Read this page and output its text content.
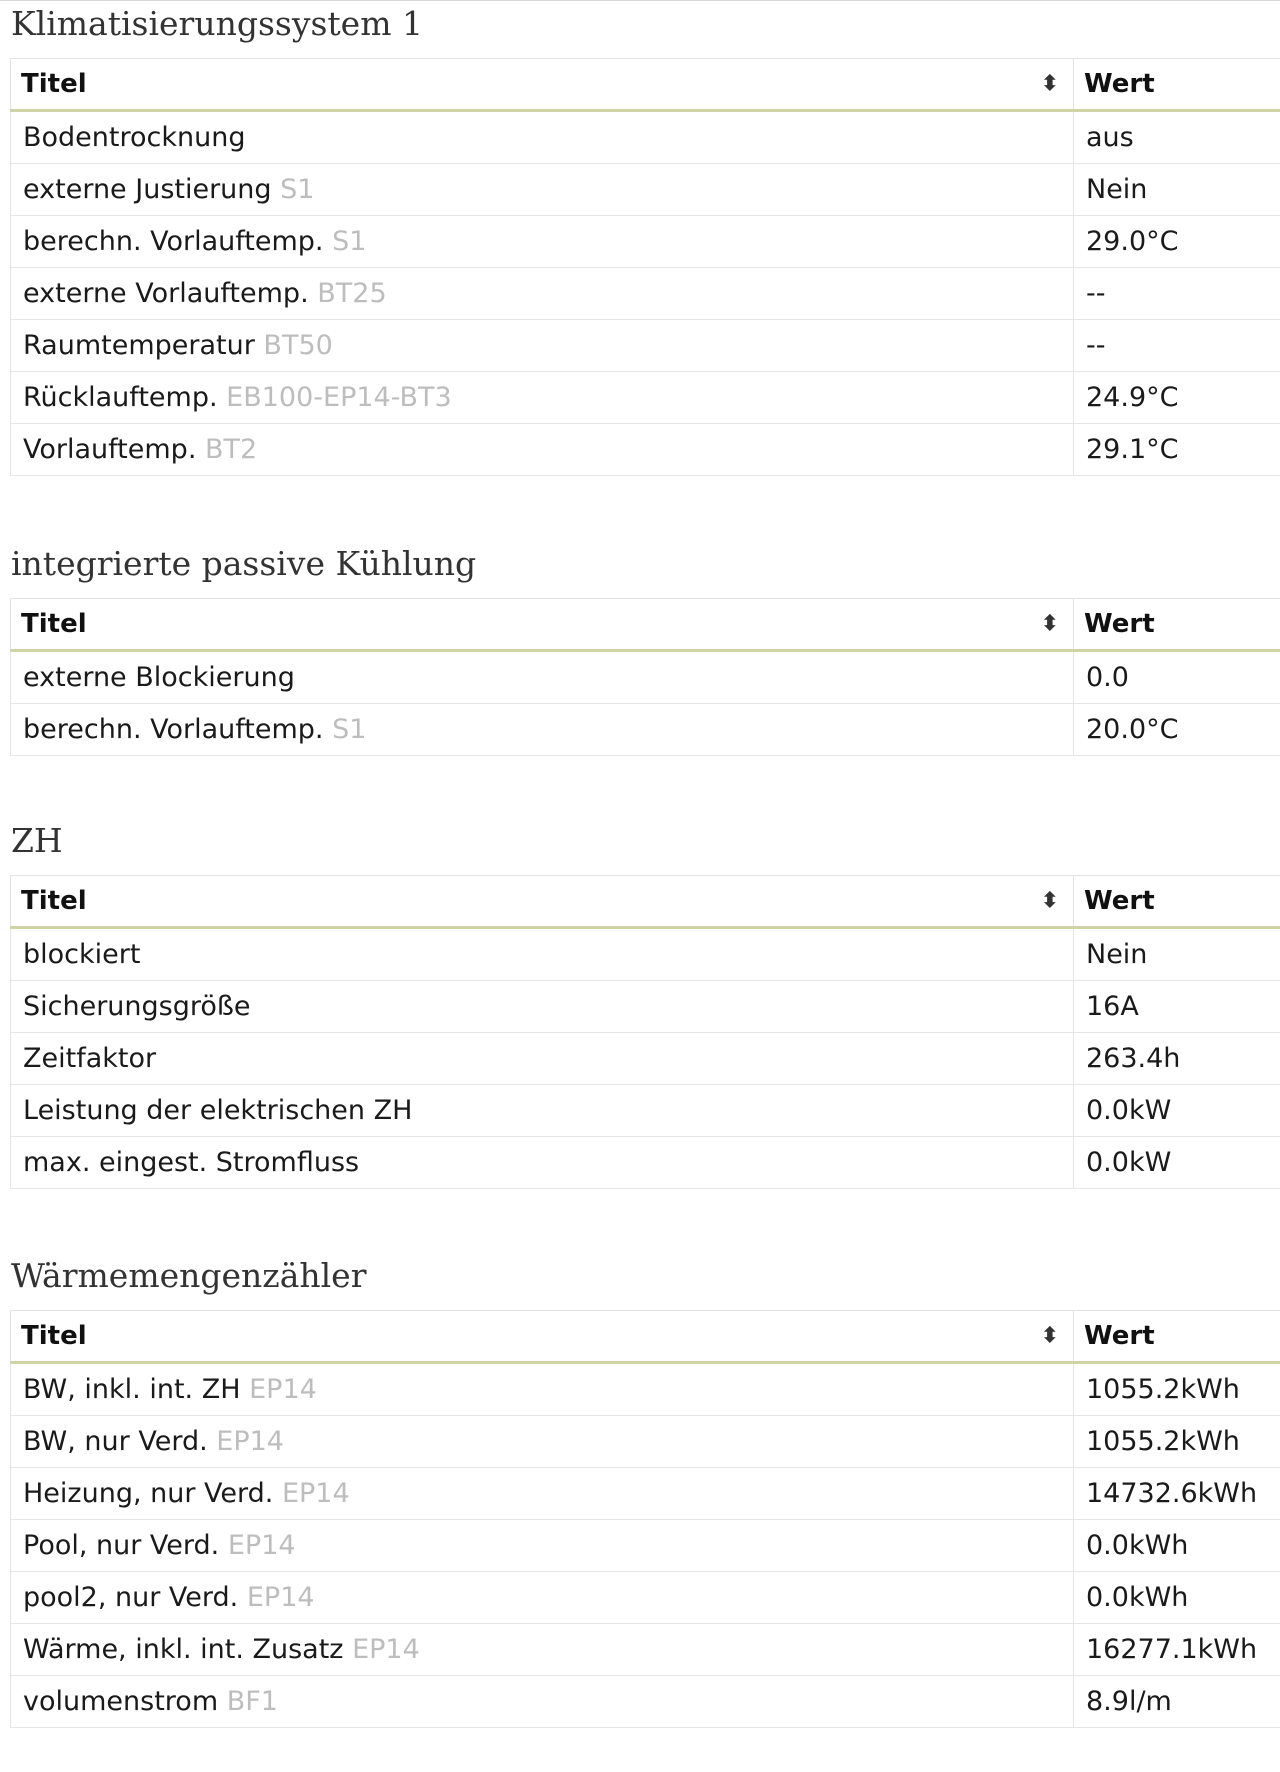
Klimatisierungssystem 1
Titel ⬍	Wert
Bodentrocknung	aus
externe Justierung S1	Nein
berechn. Vorlauftemp. S1	29.0°C
externe Vorlauftemp. BT25	--
Raumtemperatur BT50	--
Rücklauftemp. EB100-EP14-BT3	24.9°C
Vorlauftemp. BT2	29.1°C
integrierte passive Kühlung
Titel ⬍	Wert
externe Blockierung	0.0
berechn. Vorlauftemp. S1	20.0°C
ZH
Titel ⬍	Wert
blockiert	Nein
Sicherungsgröße	16A
Zeitfaktor	263.4h
Leistung der elektrischen ZH	0.0kW
max. eingest. Stromfluss	0.0kW
Wärmemengenzähler
Titel ⬍	Wert
BW, inkl. int. ZH EP14	1055.2kWh
BW, nur Verd. EP14	1055.2kWh
Heizung, nur Verd. EP14	14732.6kWh
Pool, nur Verd. EP14	0.0kWh
pool2, nur Verd. EP14	0.0kWh
Wärme, inkl. int. Zusatz EP14	16277.1kWh
volumenstrom BF1	8.9l/m
